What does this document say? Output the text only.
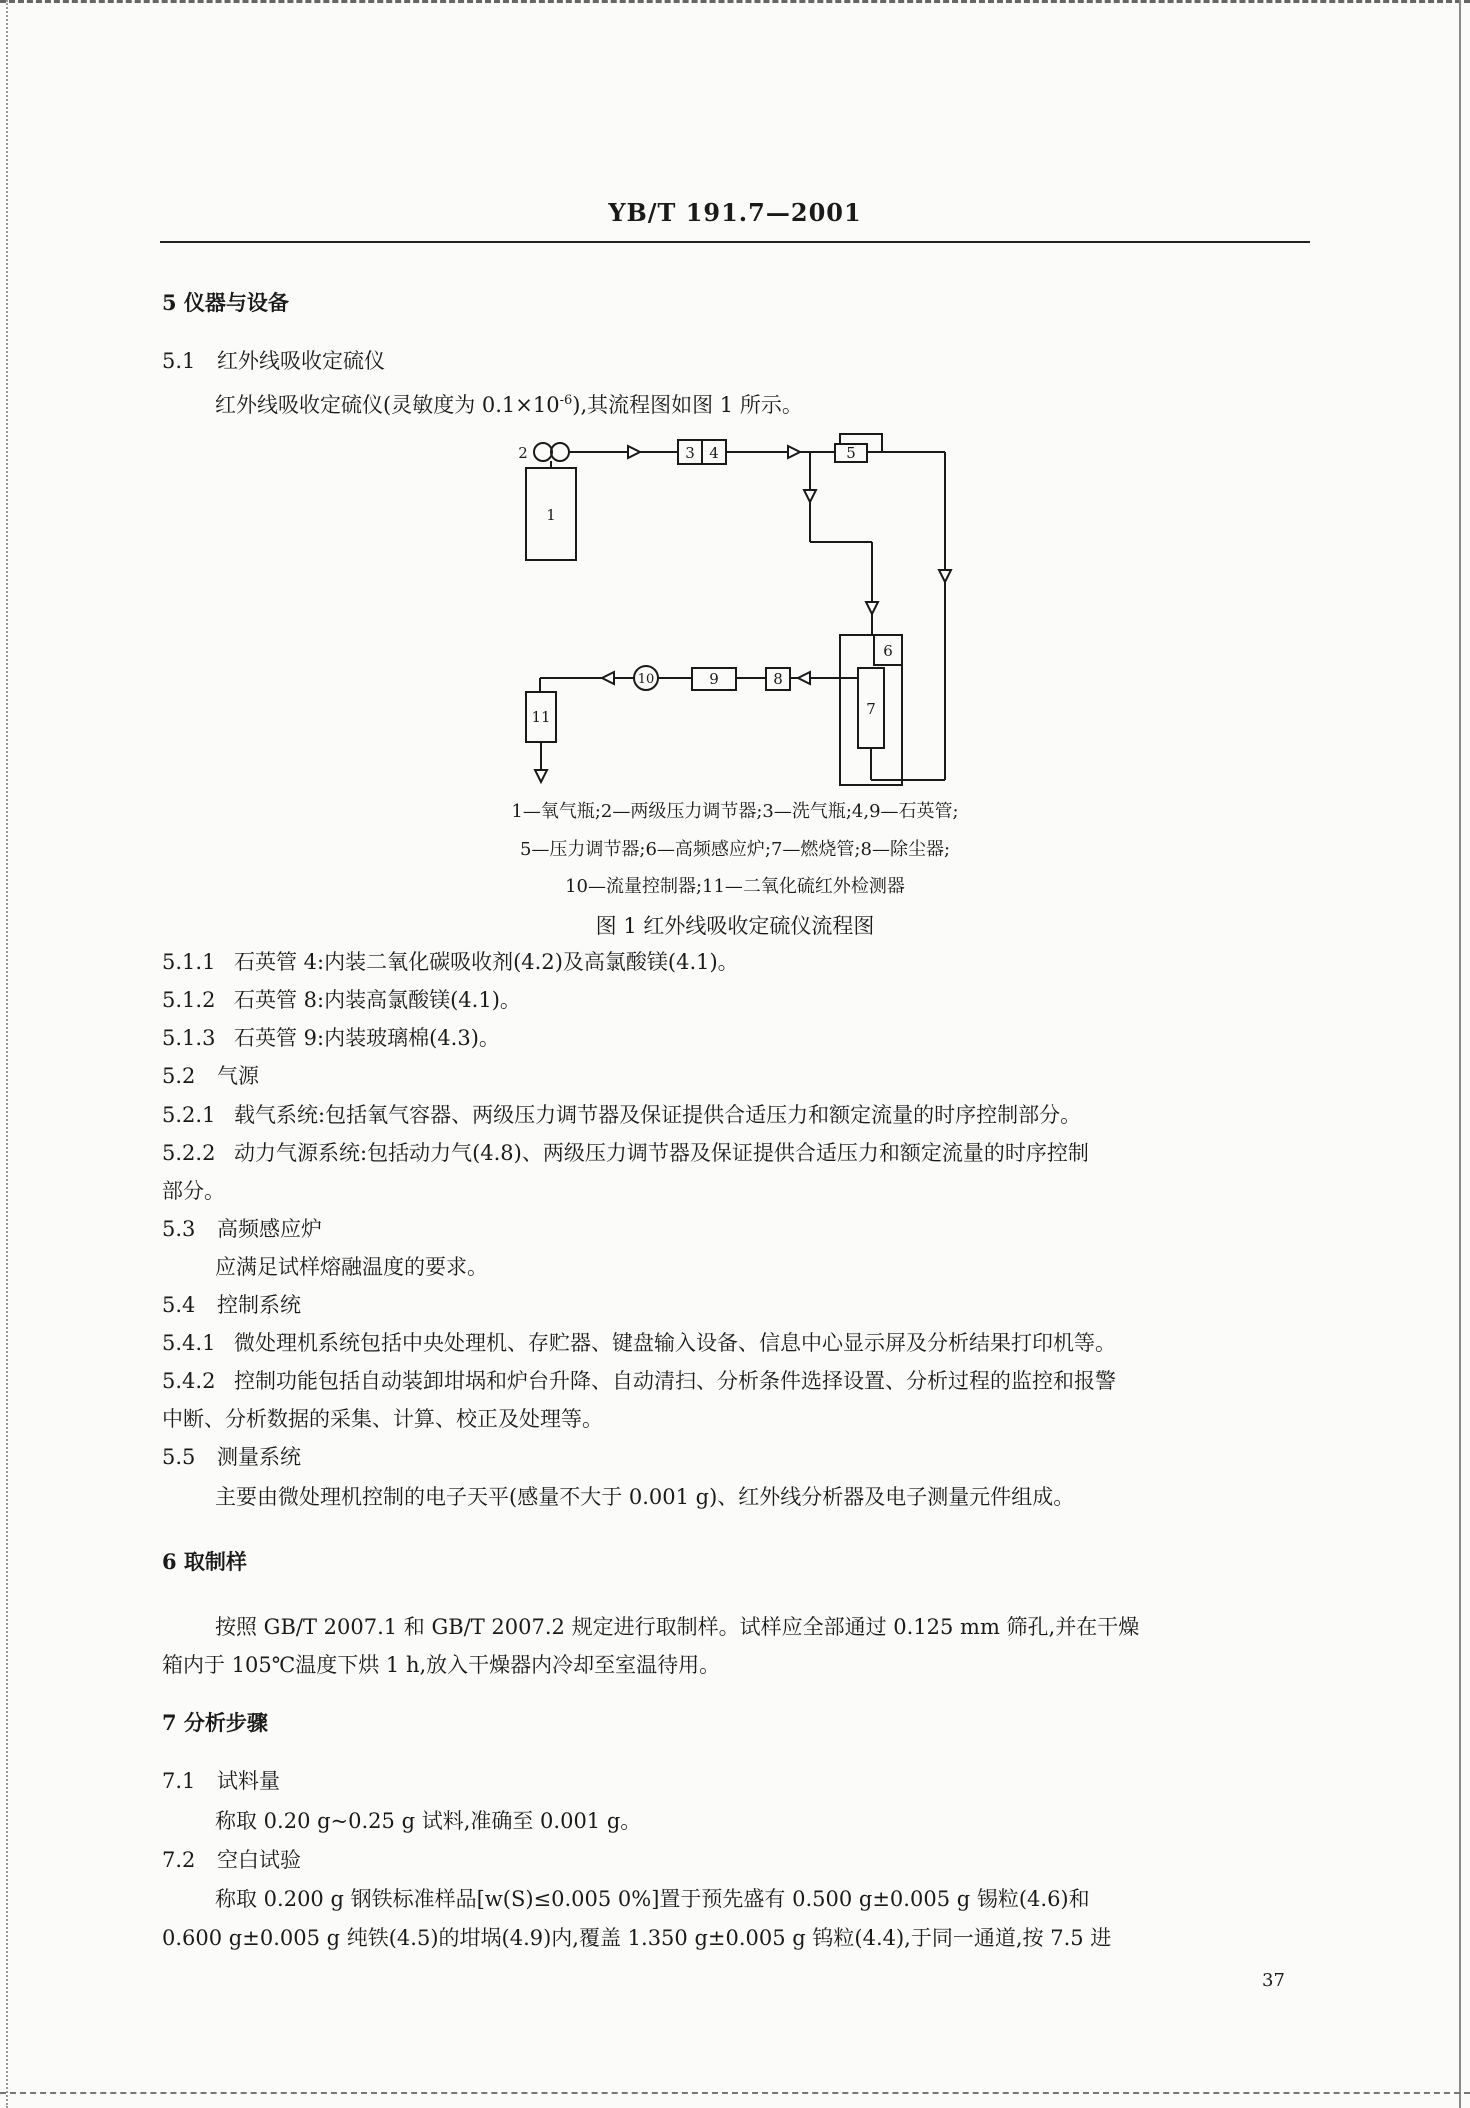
YB/T 191.7—2001
5 仪器与设备
5.1 红外线吸收定硫仪
红外线吸收定硫仪(灵敏度为 $0.1\times 10^{-6}$),其流程图如图 1 所示。
1
2	3 4	5
6
7
8
9
10
11
1—氧气瓶;2—两级压力调节器;3—洗气瓶;4,9—石英管;
5—压力调节器;6—高频感应炉;7—燃烧管;8—除尘器;
10—流量控制器;11—二氧化硫红外检测器
图 1 红外线吸收定硫仪流程图
5.1.1 石英管 4:内装二氧化碳吸收剂(4.2)及高氯酸镁(4.1)。
5.1.2 石英管 8:内装高氯酸镁(4.1)。
5.1.3 石英管 9:内装玻璃棉(4.3)。
5.2 气源
5.2.1 载气系统:包括氧气容器、两级压力调节器及保证提供合适压力和额定流量的时序控制部分。
5.2.2 动力气源系统:包括动力气(4.8)、两级压力调节器及保证提供合适压力和额定流量的时序控制
部分。
5.3 高频感应炉
应满足试样熔融温度的要求。
5.4 控制系统
5.4.1 微处理机系统包括中央处理机、存贮器、键盘输入设备、信息中心显示屏及分析结果打印机等。
5.4.2 控制功能包括自动装卸坩埚和炉台升降、自动清扫、分析条件选择设置、分析过程的监控和报警
中断、分析数据的采集、计算、校正及处理等。
5.5 测量系统
主要由微处理机控制的电子天平(感量不大于 0.001 g)、红外线分析器及电子测量元件组成。
6 取制样
按照 GB/T 2007.1 和 GB/T 2007.2 规定进行取制样。试样应全部通过 0.125 mm 筛孔,并在干燥
箱内于 105℃温度下烘 1 h,放入干燥器内冷却至室温待用。
7 分析步骤
7.1 试料量
称取 0.20 g~0.25 g 试料,准确至 0.001 g。
7.2 空白试验
称取 0.200 g 钢铁标准样品[w(S)≤0.005 0%]置于预先盛有 0.500 g±0.005 g 锡粒(4.6)和
0.600 g±0.005 g 纯铁(4.5)的坩埚(4.9)内,覆盖 1.350 g±0.005 g 钨粒(4.4),于同一通道,按 7.5 进
37
